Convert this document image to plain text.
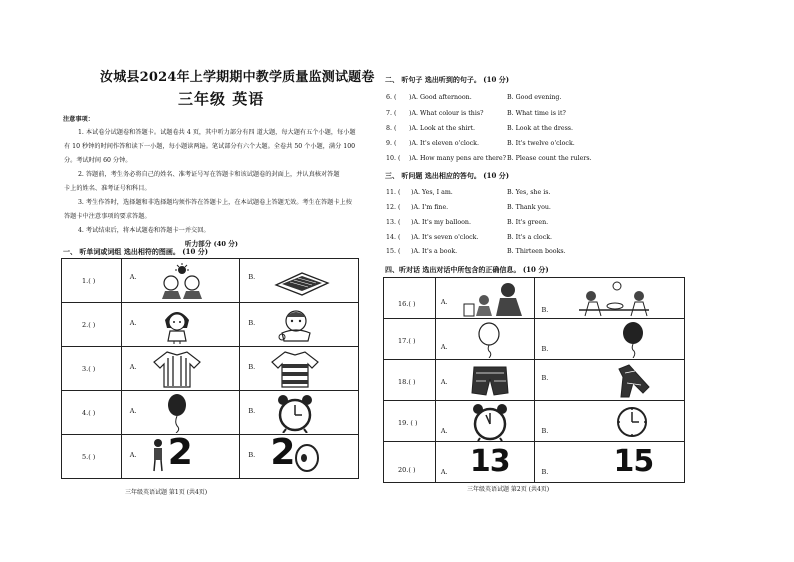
汝城县2024年上学期期中教学质量监测试题卷
三年级 英语
注意事项：
1. 本试卷分试题卷和答题卡。试题卷共 4 页，其中听力部分有四 道大题，每大题有五个小题，每小题
有 10 秒钟的时间作答和读下一小题，每小题读两遍。笔试部分有六个大题。全卷共 50 个小题，满分 100
分。考试时间 60 分钟。
2. 答题前，考生务必将自己的姓名、准考证号写在答题卡和该试题卷的封面上，并认真核对答题
卡上的姓名、准考证号和科目。
3. 考生作答时，选择题和非选择题均须作答在答题卡上，在本试题卷上答题无效。考生在答题卡上按
答题卡中注意事项的要求答题。
4. 考试结束后，将本试题卷和答题卡一并交回。
听力部分 (40 分)
一、 听单词或词组 选出相符的图画。 (10 分)
1.( )	A.	B.

2.( )	A.	B.

3.( )	A.	B.

4.( )	A.	B.

5.( )	A. 2	B. 2
三年级英语试题 第1页 (共4页)
二、 听句子 选出听到的句子。 (10 分)
6. ( )A. Good afternoon.	B. Good evening.
7. ( )A. What colour is this?	B. What time is it?
8. ( )A. Look at the shirt.	B. Look at the dress.
9. ( )A. It's eleven o'clock.	B. It's twelve o'clock.
10. ( )A. How many pens are there? B. Please count the rulers.
三、 听问题 选出相应的答句。 (10 分)
11. ( )A. Yes, I am.	B. Yes, she is.
12. ( )A. I'm fine.	B. Thank you.
13. ( )A. It's my balloon.	B. It's green.
14. ( )A. It's seven o'clock.	B. It's a clock.
15. ( )A. It's a book.	B. Thirteen books.
四、听对话 选出对话中所包含的正确信息。 (10 分)
16.( )	A.	B.

17.( )	A.	B.

18.( )	A.	B.

19. ( )	A.	B.

20.( )	A. 13	B. 15
三年级英语试题 第2页 (共4页)
